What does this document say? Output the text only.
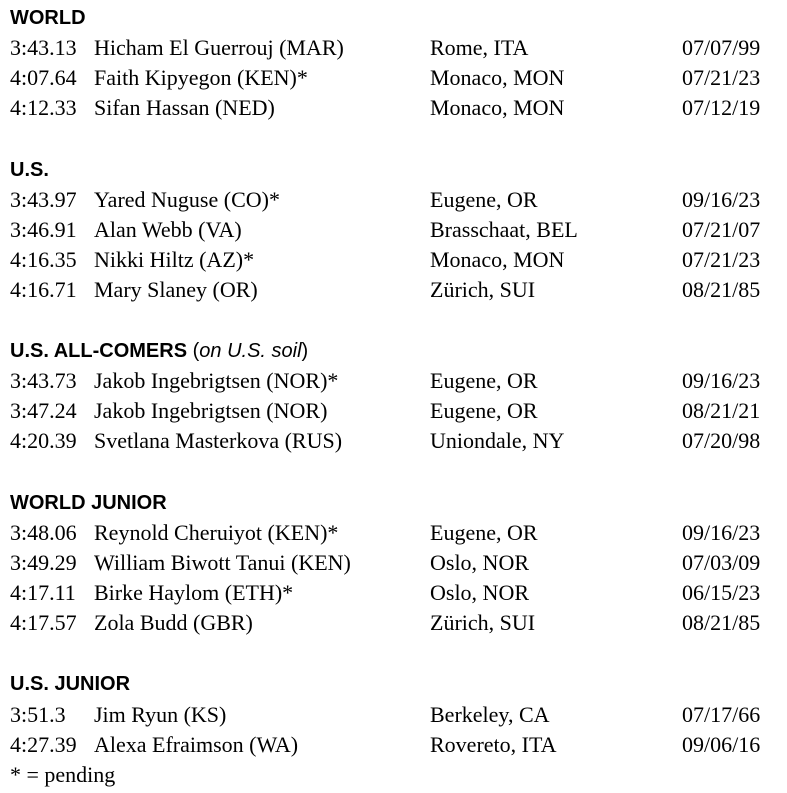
WORLD
3:43.13 Hicham El Guerrouj (MAR)	Rome, ITA	07/07/99
4:07.64 Faith Kipyegon (KEN)*	Monaco, MON	07/21/23
4:12.33 Sifan Hassan (NED)	Monaco, MON	07/12/19
U.S.
3:43.97 Yared Nuguse (CO)*	Eugene, OR	09/16/23
3:46.91 Alan Webb (VA)	Brasschaat, BEL	07/21/07
4:16.35 Nikki Hiltz (AZ)*	Monaco, MON	07/21/23
4:16.71 Mary Slaney (OR)	Zürich, SUI	08/21/85
U.S. ALL-COMERS (on U.S. soil)
3:43.73 Jakob Ingebrigtsen (NOR)*	Eugene, OR	09/16/23
3:47.24 Jakob Ingebrigtsen (NOR)	Eugene, OR	08/21/21
4:20.39 Svetlana Masterkova (RUS)	Uniondale, NY	07/20/98
WORLD JUNIOR
3:48.06 Reynold Cheruiyot (KEN)*	Eugene, OR	09/16/23
3:49.29 William Biwott Tanui (KEN)	Oslo, NOR	07/03/09
4:17.11 Birke Haylom (ETH)*	Oslo, NOR	06/15/23
4:17.57 Zola Budd (GBR)	Zürich, SUI	08/21/85
U.S. JUNIOR
3:51.3 Jim Ryun (KS)	Berkeley, CA	07/17/66
4:27.39 Alexa Efraimson (WA)	Rovereto, ITA	09/06/16
* = pending
